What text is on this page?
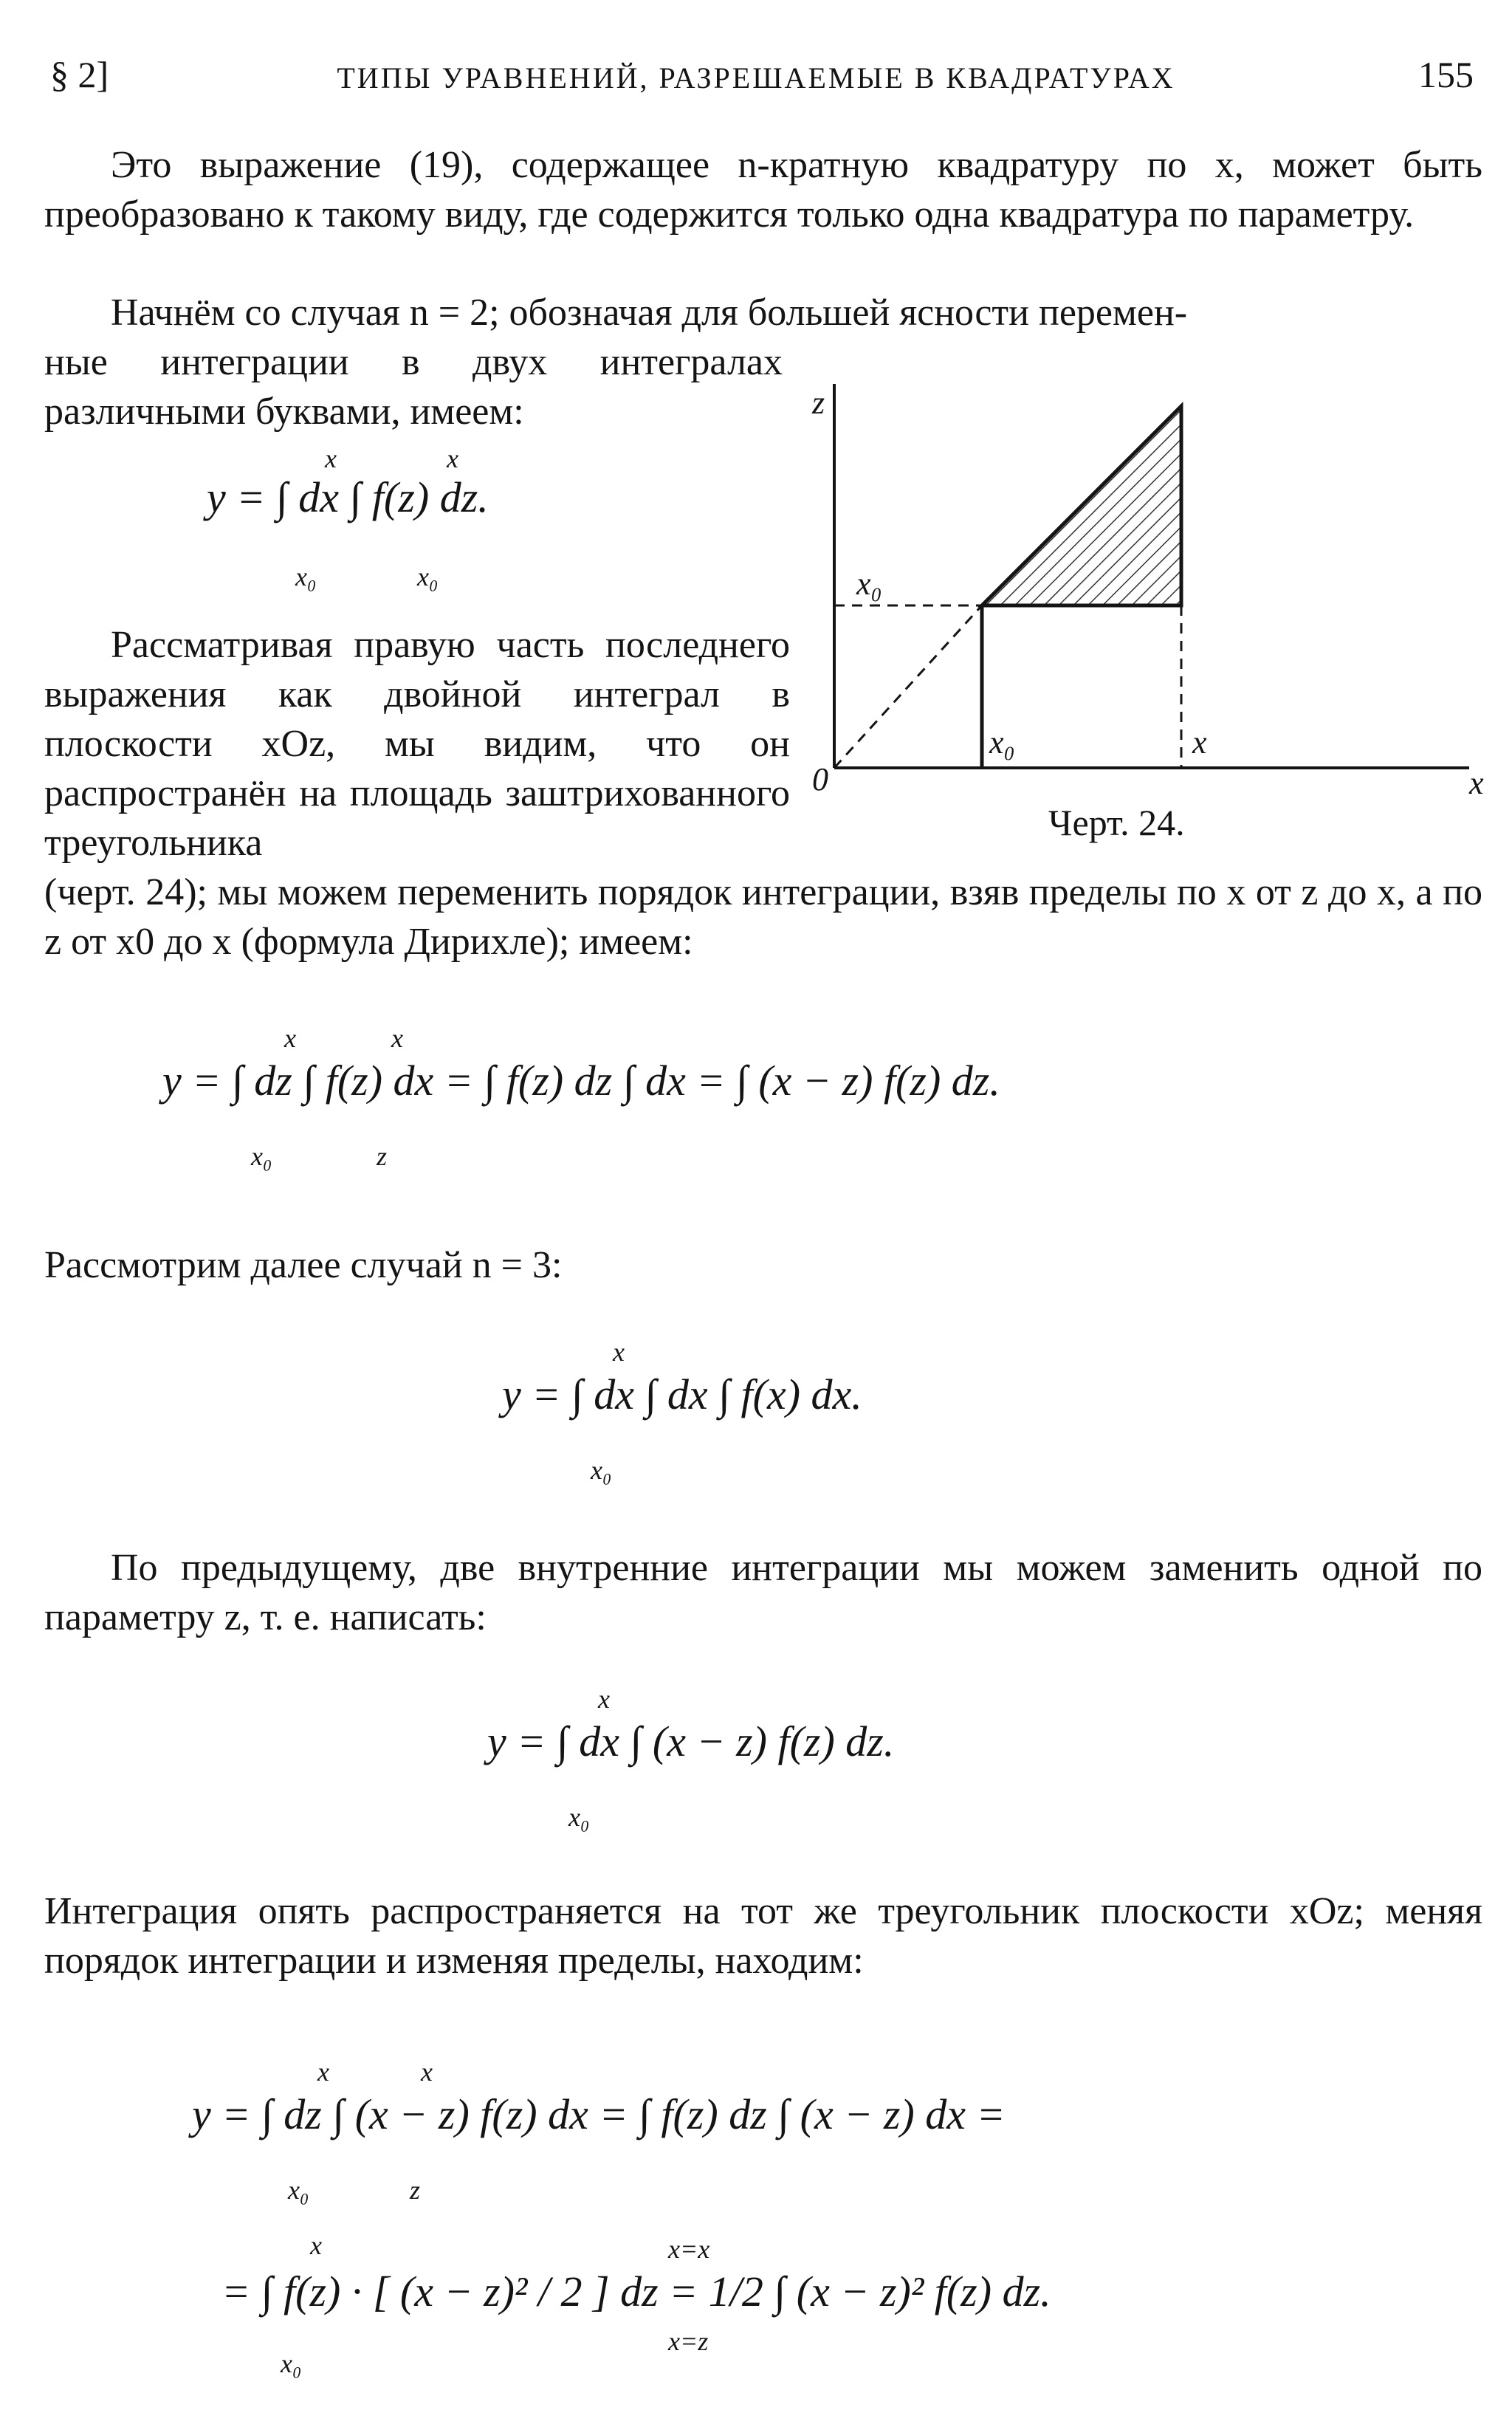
§ 2]	ТИПЫ УРАВНЕНИЙ, РАЗРЕШАЕМЫЕ В КВАДРАТУРАХ	155
Это выражение (19), содержащее n-кратную квадратуру по x, может быть преобразовано к такому виду, где содержится только одна квадратура по параметру.
Начнём со случая n = 2; обозначая для большей ясности перемен-
ные интеграции в двух интегралах различными буквами, имеем:
y = ∫ dx ∫ f(z) dz.
x
x₀
x
x₀
Рассматривая правую часть последнего выражения как двойной интеграл в плоскости xOz, мы видим, что он распространён на площадь заштрихованного треугольника
(черт. 24); мы можем переменить порядок интеграции, взяв пределы по x от z до x, а по z от x0 до x (формула Дирихле); имеем:
z
x
0
x₀
x₀	x
Черт. 24.
y = ∫ dz ∫ f(z) dx = ∫ f(z) dz ∫ dx = ∫ (x − z) f(z) dz.
x
x₀
x
z
Рассмотрим далее случай n = 3:
y = ∫ dx ∫ dx ∫ f(x) dx.
x
x₀
По предыдущему, две внутренние интеграции мы можем заменить одной по параметру z, т. е. написать:
y = ∫ dx ∫ (x − z) f(z) dz.
x
x₀
Интеграция опять распространяется на тот же треугольник плоскости xOz; меняя порядок интеграции и изменяя пределы, находим:
y = ∫ dz ∫ (x − z) f(z) dx = ∫ f(z) dz ∫ (x − z) dx =
x
x₀
x
z
= ∫ f(z) · [ (x − z)² / 2 ] dz = 1/2 ∫ (x − z)² f(z) dz.
x
x₀
x=x
x=z
